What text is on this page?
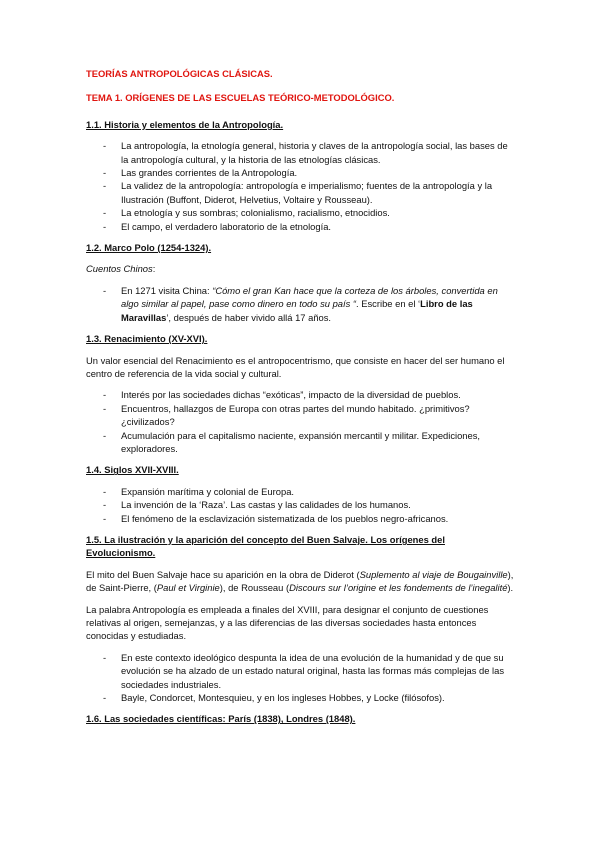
TEORÍAS ANTROPOLÓGICAS CLÁSICAS.
TEMA 1. ORÍGENES DE LAS ESCUELAS TEÓRICO-METODOLÓGICO.
1.1. Historia y elementos de la Antropología.
- La antropología, la etnología general, historia y claves de la antropología social, las bases de la antropología cultural, y la historia de las etnologías clásicas.
- Las grandes corrientes de la Antropología.
- La validez de la antropología: antropología e imperialismo; fuentes de la antropología y la Ilustración (Buffont, Diderot, Helvetius, Voltaire y Rousseau).
- La etnología y sus sombras; colonialismo, racialismo, etnocidios.
- El campo, el verdadero laboratorio de la etnología.
1.2. Marco Polo (1254-1324).

Cuentos Chinos:

- En 1271 visita China: “Cómo el gran Kan hace que la corteza de los árboles, convertida en algo similar al papel, pase como dinero en todo su país “. Escribe en el ‘Libro de las Maravillas’, después de haber vivido allá 17 años.
1.3. Renacimiento (XV-XVI).

Un valor esencial del Renacimiento es el antropocentrismo, que consiste en hacer del ser humano el centro de referencia de la vida social y cultural.

- Interés por las sociedades dichas “exóticas”, impacto de la diversidad de pueblos.
- Encuentros, hallazgos de Europa con otras partes del mundo habitado. ¿primitivos? ¿civilizados?
- Acumulación para el capitalismo naciente, expansión mercantil y militar. Expediciones, exploradores.
1.4. Siglos XVII-XVIII.
- Expansión marítima y colonial de Europa.
- La invención de la ‘Raza’. Las castas y las calidades de los humanos.
- El fenómeno de la esclavización sistematizada de los pueblos negro-africanos.
1.5. La ilustración y la aparición del concepto del Buen Salvaje. Los orígenes del Evolucionismo.

El mito del Buen Salvaje hace su aparición en la obra de Diderot (Suplemento al viaje de Bougainville), de Saint-Pierre, (Paul et Virginie), de Rousseau (Discours sur l’origine et les fondements de l’inegalité).

La palabra Antropología es empleada a finales del XVIII, para designar el conjunto de cuestiones relativas al origen, semejanzas, y a las diferencias de las diversas sociedades hasta entonces conocidas y estudiadas.

- En este contexto ideológico despunta la idea de una evolución de la humanidad y de que su evolución se ha alzado de un estado natural original, hasta las formas más complejas de las sociedades industriales.
- Bayle, Condorcet, Montesquieu, y en los ingleses Hobbes, y Locke (filósofos).
1.6. Las sociedades científicas: París (1838), Londres (1848).
